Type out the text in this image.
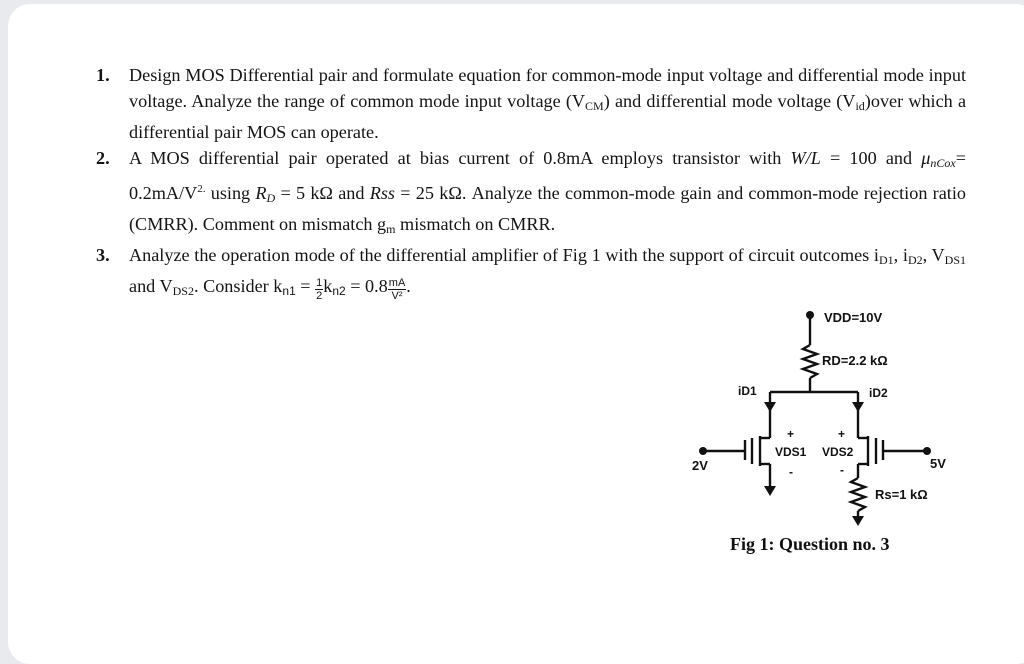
1. Design MOS Differential pair and formulate equation for common-mode input voltage and differential mode input voltage. Analyze the range of common mode input voltage $(V_{CM})$ and differential mode voltage $(V_{id})over$ which a differential pair MOS can operate.
2. A MOS differential pair operated at bias current of 0.8mA employs transistor with W/L = 100 and $\mu_{nCox}= 0.2mA/V^{2.}$ using $R_D = 5$ kΩ and Rss = 25 kΩ. Analyze the common-mode gain and common-mode rejection ratio (CMRR). Comment on mismatch $g_m$ mismatch on CMRR.
3. Analyze the operation mode of the differential amplifier of Fig 1 with the support of circuit outcomes $i_{D1}$, $i_{D2}$, $V_{DS1}$ and $V_{DS2}$. Consider $k_{n1} = \frac{1}{2} k_{n2} = 0.8 \frac{mA}{\text{V²}}$ .
VDD=10V
RD=2.2 kΩ
iD1	iD2
+	+
VDS1 VDS2
-	-
2V	5V
Rs=1 kΩ
Fig 1: Question no. 3
